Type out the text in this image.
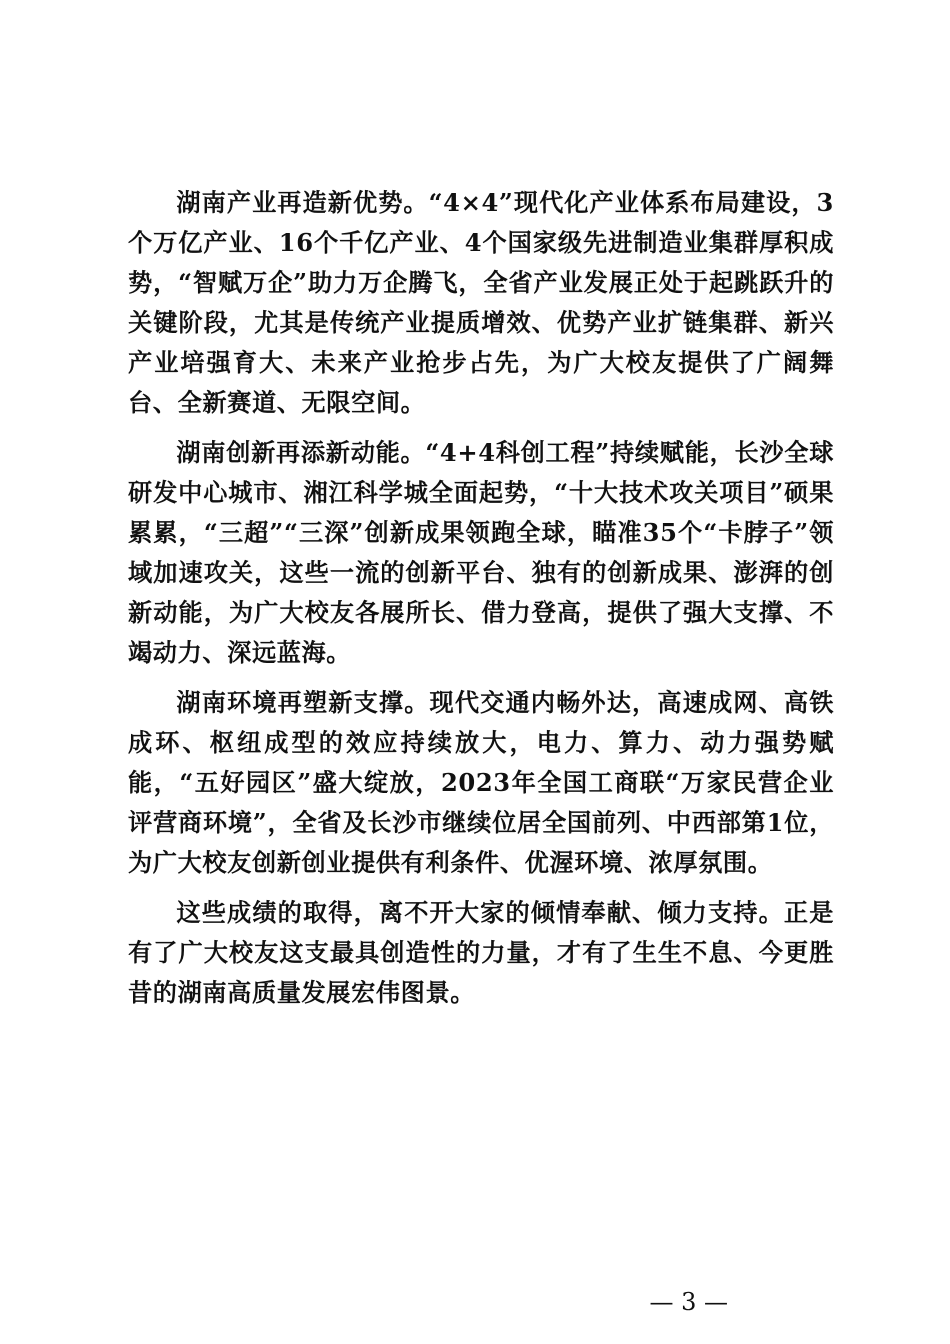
湖南产业再造新优势。“4×4”现代化产业体系布局建设，3个万亿产业、16个千亿产业、4个国家级先进制造业集群厚积成势，“智赋万企”助力万企腾飞，全省产业发展正处于起跳跃升的关键阶段，尤其是传统产业提质增效、优势产业扩链集群、新兴产业培强育大、未来产业抢步占先，为广大校友提供了广阔舞台、全新赛道、无限空间。

湖南创新再添新动能。“4+4科创工程”持续赋能，长沙全球研发中心城市、湘江科学城全面起势，“十大技术攻关项目”硕果累累，“三超”“三深”创新成果领跑全球，瞄准35个“卡脖子”领域加速攻关，这些一流的创新平台、独有的创新成果、澎湃的创新动能，为广大校友各展所长、借力登高，提供了强大支撑、不竭动力、深远蓝海。

湖南环境再塑新支撑。现代交通内畅外达，高速成网、高铁成环、枢纽成型的效应持续放大，电力、算力、动力强势赋能，“五好园区”盛大绽放，2023年全国工商联“万家民营企业评营商环境”，全省及长沙市继续位居全国前列、中西部第1位，为广大校友创新创业提供有利条件、优渥环境、浓厚氛围。

这些成绩的取得，离不开大家的倾情奉献、倾力支持。正是有了广大校友这支最具创造性的力量，才有了生生不息、今更胜昔的湖南高质量发展宏伟图景。

— 3 —
